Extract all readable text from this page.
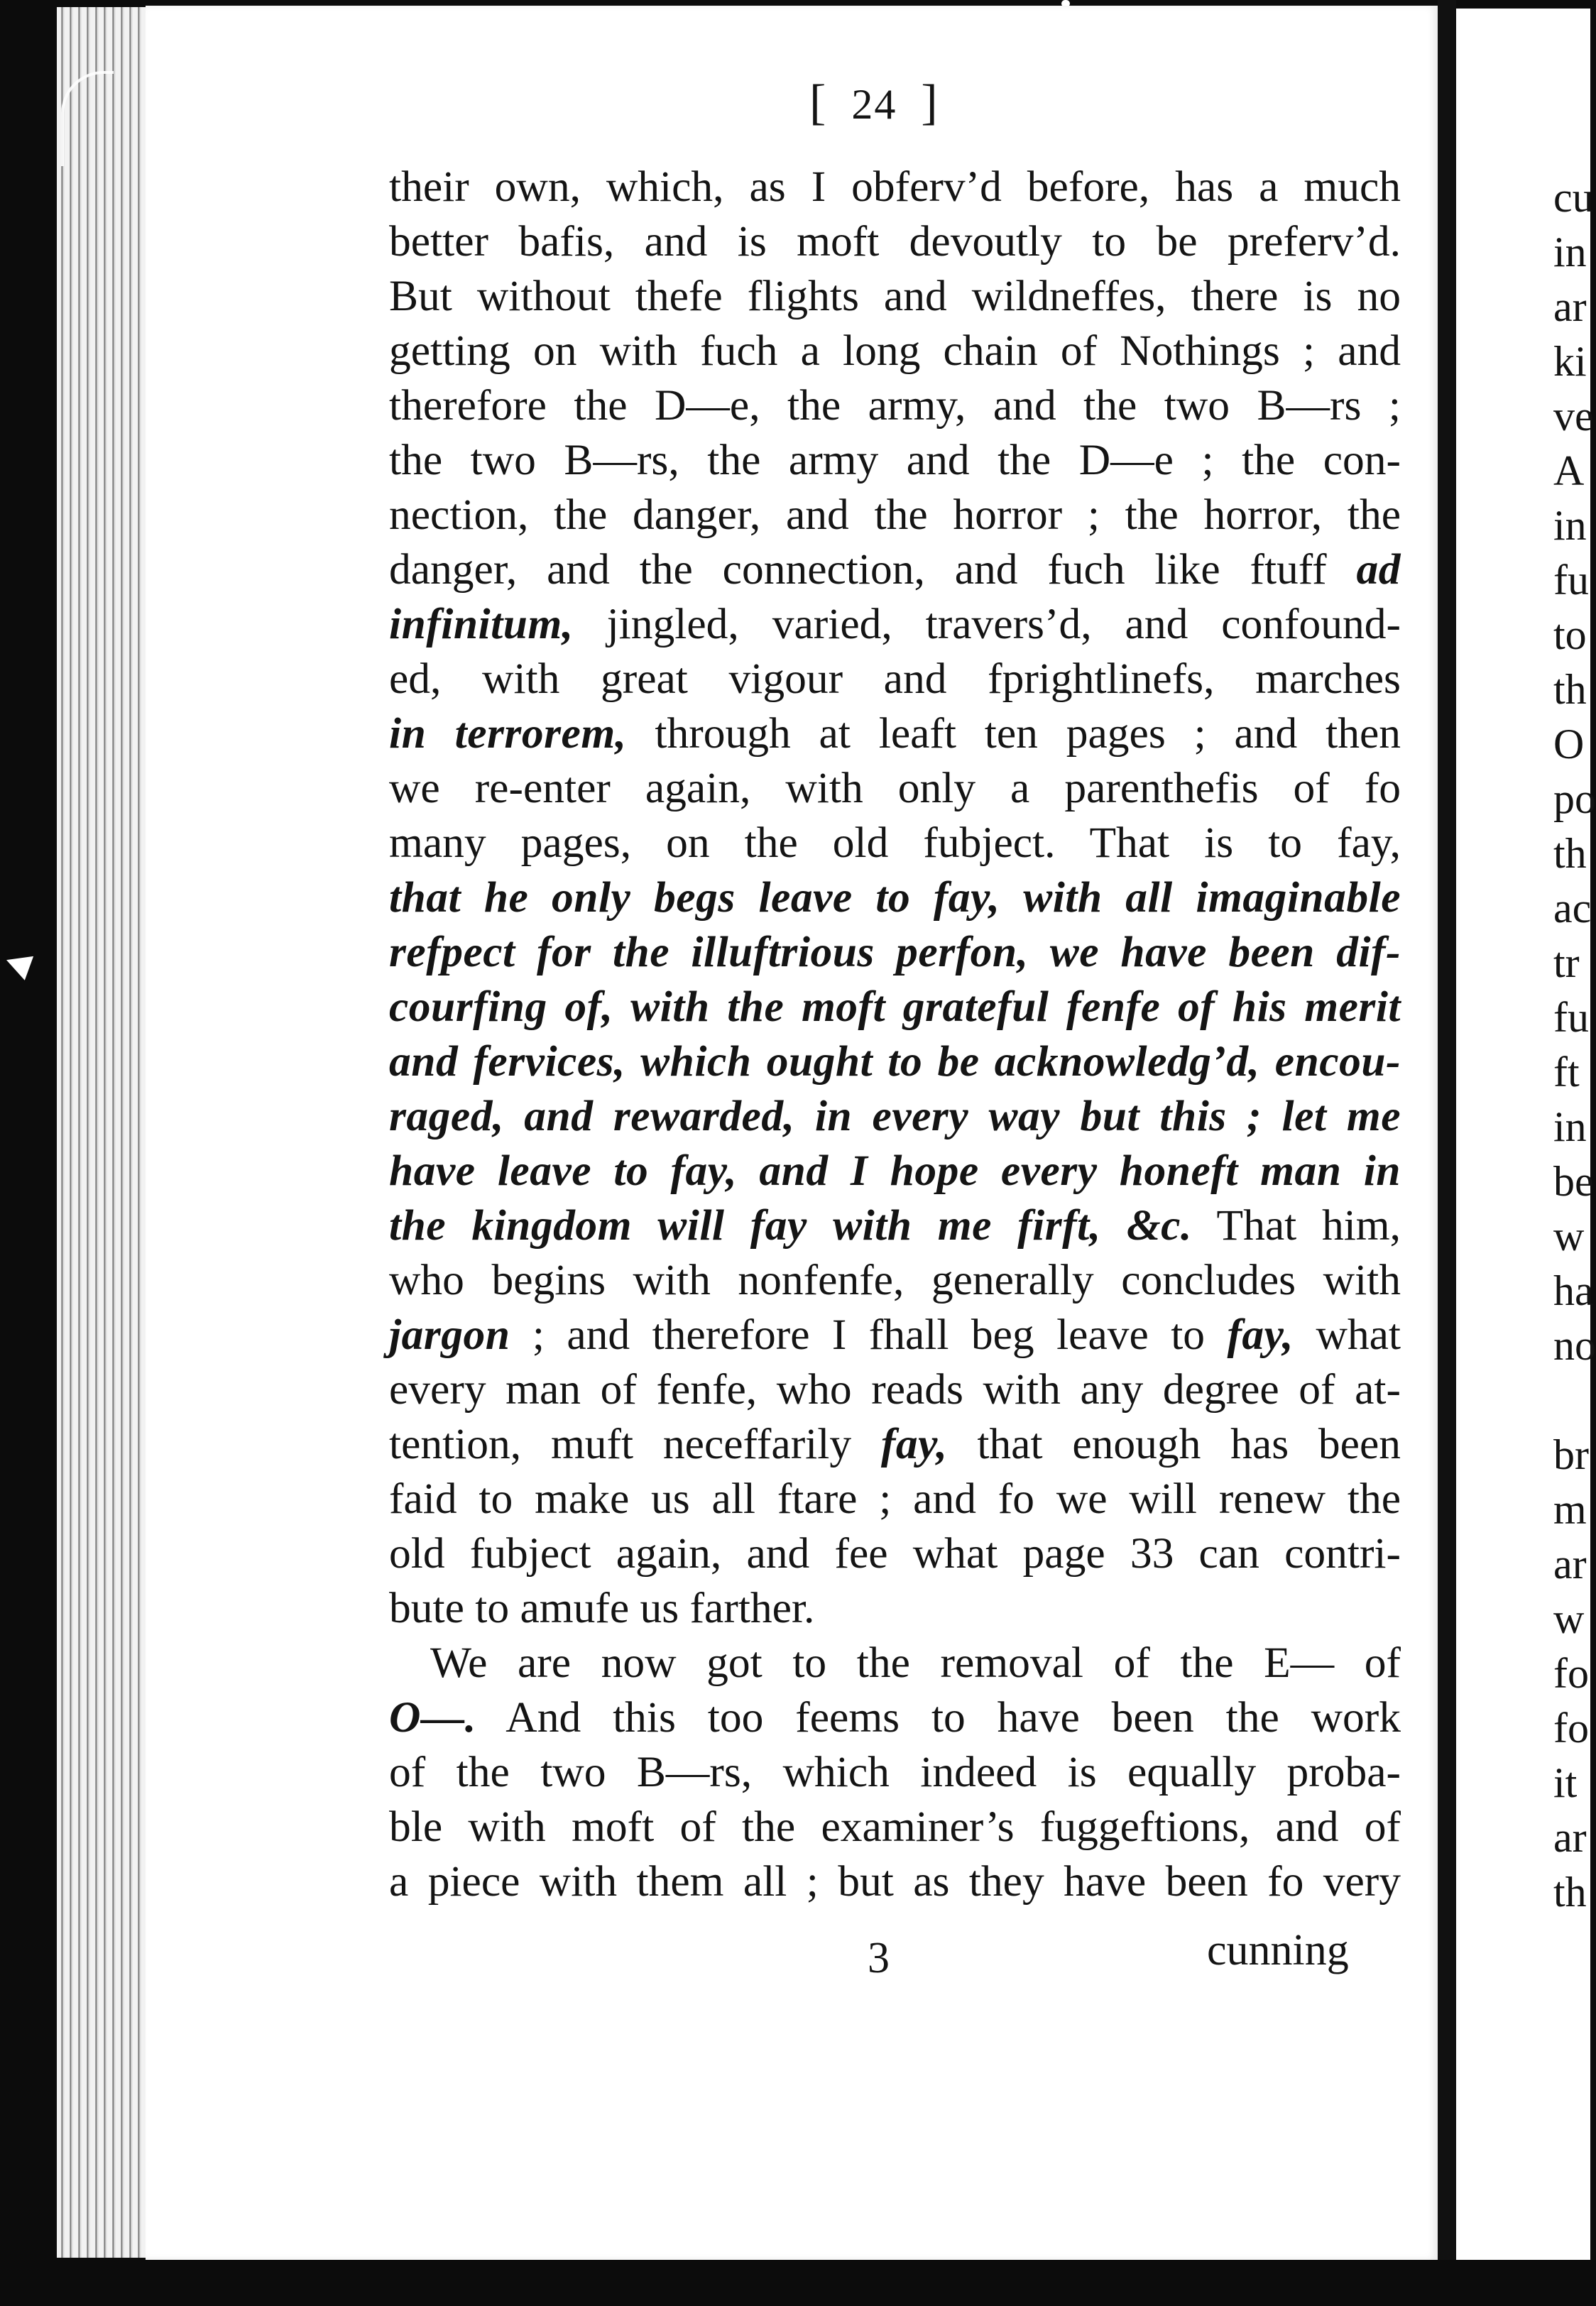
cu
in
ar
ki
ve
A
in
fu
to
th
O
po
th
ac
tr
fu
ft
in
be
w
ha
no

br
m
ar
w
fo
fo
it
ar
th
[ 24 ]
their own, which, as I obferv’d before, has a much
better bafis, and is moft devoutly to be preferv’d.
But without thefe flights and wildneffes, there is no
getting on with fuch a long chain of Nothings ; and
therefore the D—e, the army, and the two B—rs ;
the two B—rs, the army and the D—e ; the con-
nection, the danger, and the horror ; the horror, the
danger, and the connection, and fuch like ftuff ad
infinitum, jingled, varied, travers’d, and confound-
ed, with great vigour and fprightlinefs, marches
in terrorem, through at leaft ten pages ; and then
we re-enter again, with only a parenthefis of fo
many pages, on the old fubject. That is to fay,
that he only begs leave to fay, with all imaginable
refpect for the illuftrious perfon, we have been dif-
courfing of, with the moft grateful fenfe of his merit
and fervices, which ought to be acknowledg’d, encou-
raged, and rewarded, in every way but this ; let me
have leave to fay, and I hope every honeft man in
the kingdom will fay with me firft, &c. That him,
who begins with nonfenfe, generally concludes with
jargon ; and therefore I fhall beg leave to fay, what
every man of fenfe, who reads with any degree of at-
tention, muft neceffarily fay, that enough has been
faid to make us all ftare ; and fo we will renew the
old fubject again, and fee what page 33 can contri-
bute to amufe us farther.
We are now got to the removal of the E— of
O—. And this too feems to have been the work
of the two B—rs, which indeed is equally proba-
ble with moft of the examiner’s fuggeftions, and of
a piece with them all ; but as they have been fo very
3	cunning
